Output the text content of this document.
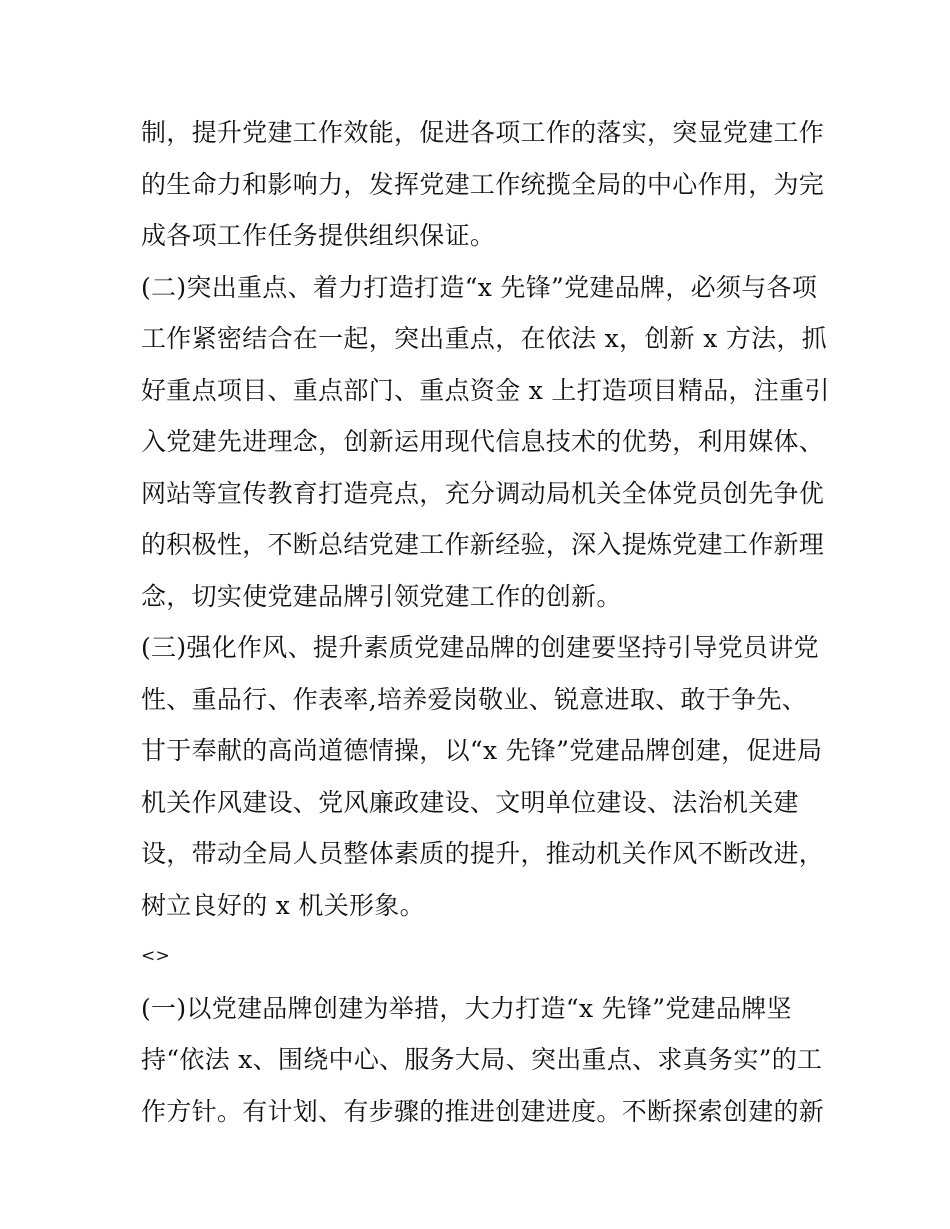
制，提升党建工作效能，促进各项工作的落实，突显党建工作
的生命力和影响力，发挥党建工作统揽全局的中心作用，为完
成各项工作任务提供组织保证。
(二)突出重点、着力打造打造“x 先锋”党建品牌，必须与各项
工作紧密结合在一起，突出重点，在依法 x，创新 x 方法，抓
好重点项目、重点部门、重点资金 x 上打造项目精品，注重引
入党建先进理念，创新运用现代信息技术的优势，利用媒体、
网站等宣传教育打造亮点，充分调动局机关全体党员创先争优
的积极性，不断总结党建工作新经验，深入提炼党建工作新理
念，切实使党建品牌引领党建工作的创新。
(三)强化作风、提升素质党建品牌的创建要坚持引导党员讲党
性、重品行、作表率,培养爱岗敬业、锐意进取、敢于争先、
甘于奉献的高尚道德情操，以“x 先锋”党建品牌创建，促进局
机关作风建设、党风廉政建设、文明单位建设、法治机关建
设，带动全局人员整体素质的提升，推动机关作风不断改进，
树立良好的 x 机关形象。
<>
(一)以党建品牌创建为举措，大力打造“x 先锋”党建品牌坚
持“依法 x、围绕中心、服务大局、突出重点、求真务实”的工
作方针。有计划、有步骤的推进创建进度。不断探索创建的新
